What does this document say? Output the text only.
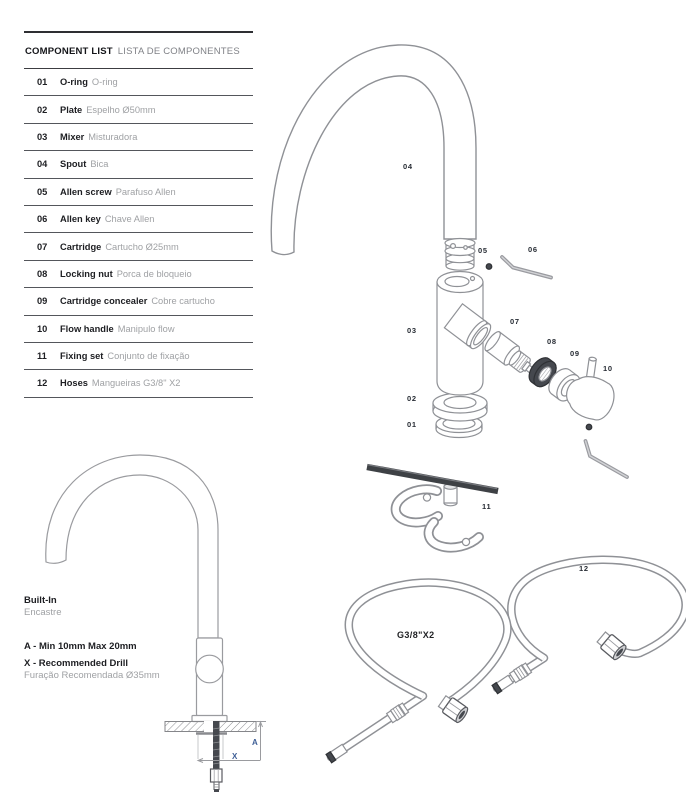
COMPONENT LIST LISTA DE COMPONENTES
01	O-ring O-ring
02	Plate Espelho Ø50mm
03	Mixer Misturadora
04	Spout Bica
05	Allen screw Parafuso Allen
06	Allen key Chave Allen
07	Cartridge Cartucho Ø25mm
08	Locking nut Porca de bloqueio
09	Cartridge concealer Cobre cartucho
10	Flow handle Manipulo flow
11	Fixing set Conjunto de fixação
12	Hoses Mangueiras G3/8" X2
Built-In
Encastre
A - Min 10mm Max 20mm
X - Recommended Drill
Furação Recomendada Ø35mm
01
02
03
04
05	06
07
08
09
10
11
12
A
X
G3/8"X2
